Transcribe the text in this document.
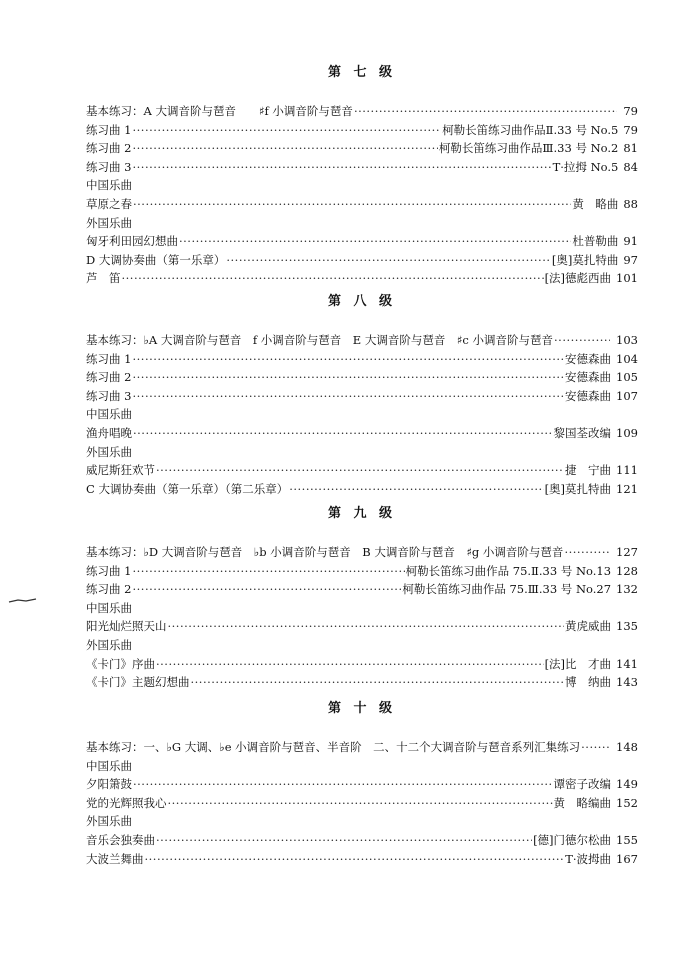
第 七 级
基本练习：A 大调音阶与琶音　　♯f 小调音阶与琶音 ·····	79
练习曲 1 ·····	柯勒长笛练习曲作品Ⅱ.33 号 No.5 79
练习曲 2 ·····	柯勒长笛练习曲作品Ⅲ.33 号 No.2 81
练习曲 3 ·····	T·拉拇 No.5 84
中国乐曲
草原之春 ·····	黄　略曲 88
外国乐曲
匈牙利田园幻想曲 ·····	杜普勒曲 91
D 大调协奏曲（第一乐章） ·····	[奥]莫扎特曲 97
芦　笛 ·····	[法]德彪西曲 101
第 八 级
基本练习：♭A 大调音阶与琶音　f 小调音阶与琶音　E 大调音阶与琶音　♯c 小调音阶与琶音 ·····	103
练习曲 1 ·····	安德森曲 104
练习曲 2 ·····	安德森曲 105
练习曲 3 ·····	安德森曲 107
中国乐曲
渔舟唱晚 ·····	黎国荃改编 109
外国乐曲
威尼斯狂欢节 ·····	捷　宁曲 111
C 大调协奏曲（第一乐章）（第二乐章） ·····	[奥]莫扎特曲 121
第 九 级
基本练习：♭D 大调音阶与琶音　♭b 小调音阶与琶音　B 大调音阶与琶音　♯g 小调音阶与琶音 ·····	127
练习曲 1 ·····	柯勒长笛练习曲作品 75.Ⅱ.33 号 No.13 128
练习曲 2 ·····	柯勒长笛练习曲作品 75.Ⅲ.33 号 No.27 132
中国乐曲
阳光灿烂照天山 ·····	黄虎威曲 135
外国乐曲
《卡门》序曲 ·····	[法]比　才曲 141
《卡门》主题幻想曲 ·····	博　纳曲 143
第 十 级
基本练习：一、♭G 大调、♭e 小调音阶与琶音、半音阶　二、十二个大调音阶与琶音系列汇集练习 ·····	148
中国乐曲
夕阳箫鼓 ·····	谭密子改编 149
党的光辉照我心 ·····	黄　略编曲 152
外国乐曲
音乐会独奏曲 ·····	[德]门德尔松曲 155
大波兰舞曲 ·····	T·波拇曲 167
